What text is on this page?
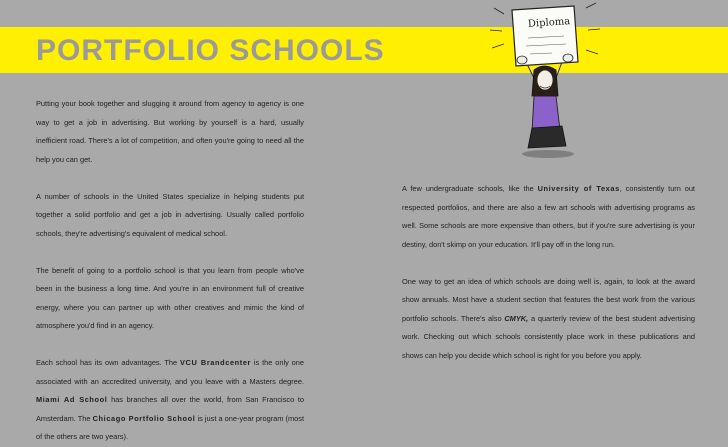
PORTFOLIO SCHOOLS
Diploma

Putting your book together and slugging it around from agency to agency is one way to get a job in advertising. But working by yourself is a hard, usually inefficient road. There's a lot of competition, and often you're going to need all the help you can get.

A number of schools in the United States specialize in helping students put together a solid portfolio and get a job in advertising. Usually called portfolio schools, they're advertising's equivalent of medical school.

The benefit of going to a portfolio school is that you learn from people who've been in the business a long time. And you're in an environment full of creative energy, where you can partner up with other creatives and mimic the kind of atmosphere you'd find in an agency.

Each school has its own advantages. The VCU Brandcenter is the only one associated with an accredited university, and you leave with a Masters degree. Miami Ad School has branches all over the world, from San Francisco to Amsterdam. The Chicago Portfolio School is just a one-year program (most of the others are two years).

A few undergraduate schools, like the University of Texas, consistently turn out respected portfolios, and there are also a few art schools with advertising programs as well. Some schools are more expensive than others, but if you're sure advertising is your destiny, don't skimp on your education. It'll pay off in the long run.

One way to get an idea of which schools are doing well is, again, to look at the award show annuals. Most have a student section that features the best work from the various portfolio schools. There's also CMYK, a quarterly review of the best student advertising work. Checking out which schools consistently place work in these publications and shows can help you decide which school is right for you before you apply.
